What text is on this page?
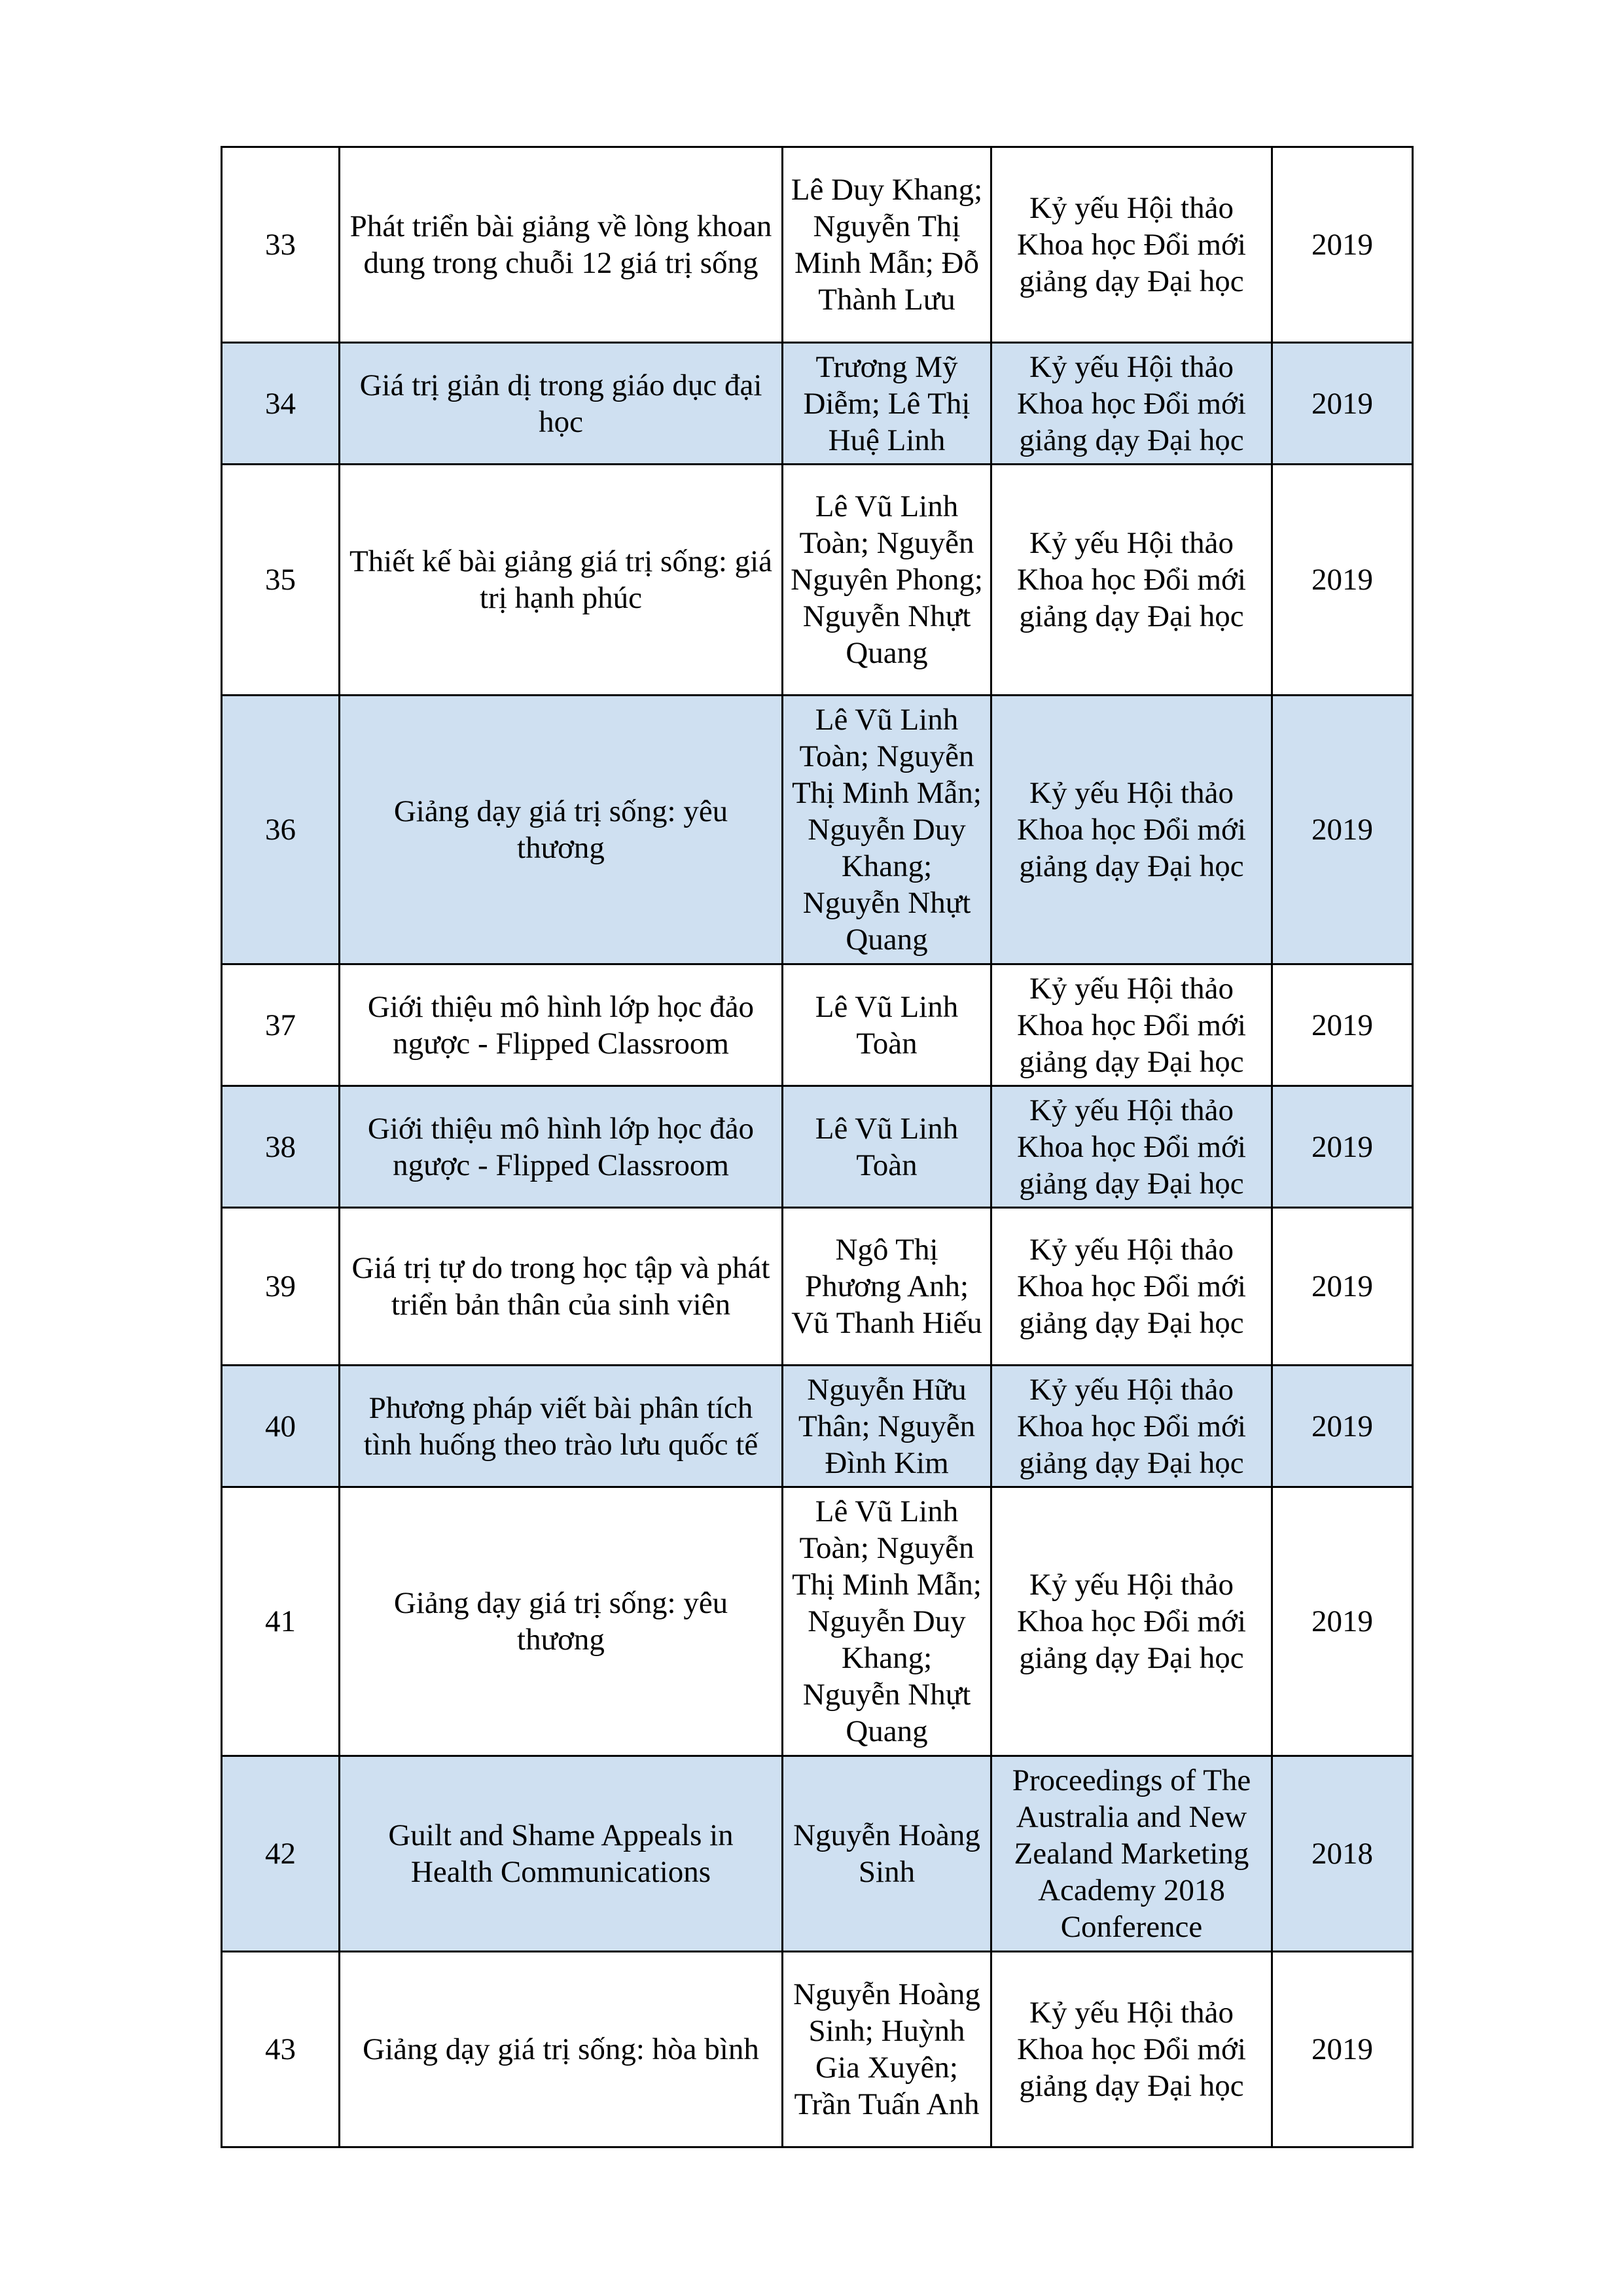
33	Phát triển bài giảng về lòng khoan dung trong chuỗi 12 giá trị sống	Lê Duy Khang; Nguyễn Thị Minh Mẫn; Đỗ Thành Lưu	Kỷ yếu Hội thảo Khoa học Đổi mới giảng dạy Đại học	2019
34	Giá trị giản dị trong giáo dục đại học	Trương Mỹ Diễm; Lê Thị Huệ Linh	Kỷ yếu Hội thảo Khoa học Đổi mới giảng dạy Đại học	2019
35	Thiết kế bài giảng giá trị sống: giá trị hạnh phúc	Lê Vũ Linh Toàn; Nguyễn Nguyên Phong; Nguyễn Nhựt Quang	Kỷ yếu Hội thảo Khoa học Đổi mới giảng dạy Đại học	2019
36	Giảng dạy giá trị sống: yêu thương	Lê Vũ Linh Toàn; Nguyễn Thị Minh Mẫn; Nguyễn Duy Khang; Nguyễn Nhựt Quang	Kỷ yếu Hội thảo Khoa học Đổi mới giảng dạy Đại học	2019
37	Giới thiệu mô hình lớp học đảo ngược - Flipped Classroom	Lê Vũ Linh Toàn	Kỷ yếu Hội thảo Khoa học Đổi mới giảng dạy Đại học	2019
38	Giới thiệu mô hình lớp học đảo ngược - Flipped Classroom	Lê Vũ Linh Toàn	Kỷ yếu Hội thảo Khoa học Đổi mới giảng dạy Đại học	2019
39	Giá trị tự do trong học tập và phát triển bản thân của sinh viên	Ngô Thị Phương Anh; Vũ Thanh Hiếu	Kỷ yếu Hội thảo Khoa học Đổi mới giảng dạy Đại học	2019
40	Phương pháp viết bài phân tích tình huống theo trào lưu quốc tế	Nguyễn Hữu Thân; Nguyễn Đình Kim	Kỷ yếu Hội thảo Khoa học Đổi mới giảng dạy Đại học	2019
41	Giảng dạy giá trị sống: yêu thương	Lê Vũ Linh Toàn; Nguyễn Thị Minh Mẫn; Nguyễn Duy Khang; Nguyễn Nhựt Quang	Kỷ yếu Hội thảo Khoa học Đổi mới giảng dạy Đại học	2019
42	Guilt and Shame Appeals in Health Communications	Nguyễn Hoàng Sinh	Proceedings of The Australia and New Zealand Marketing Academy 2018 Conference	2018
43	Giảng dạy giá trị sống: hòa bình	Nguyễn Hoàng Sinh; Huỳnh Gia Xuyên; Trần Tuấn Anh	Kỷ yếu Hội thảo Khoa học Đổi mới giảng dạy Đại học	2019
